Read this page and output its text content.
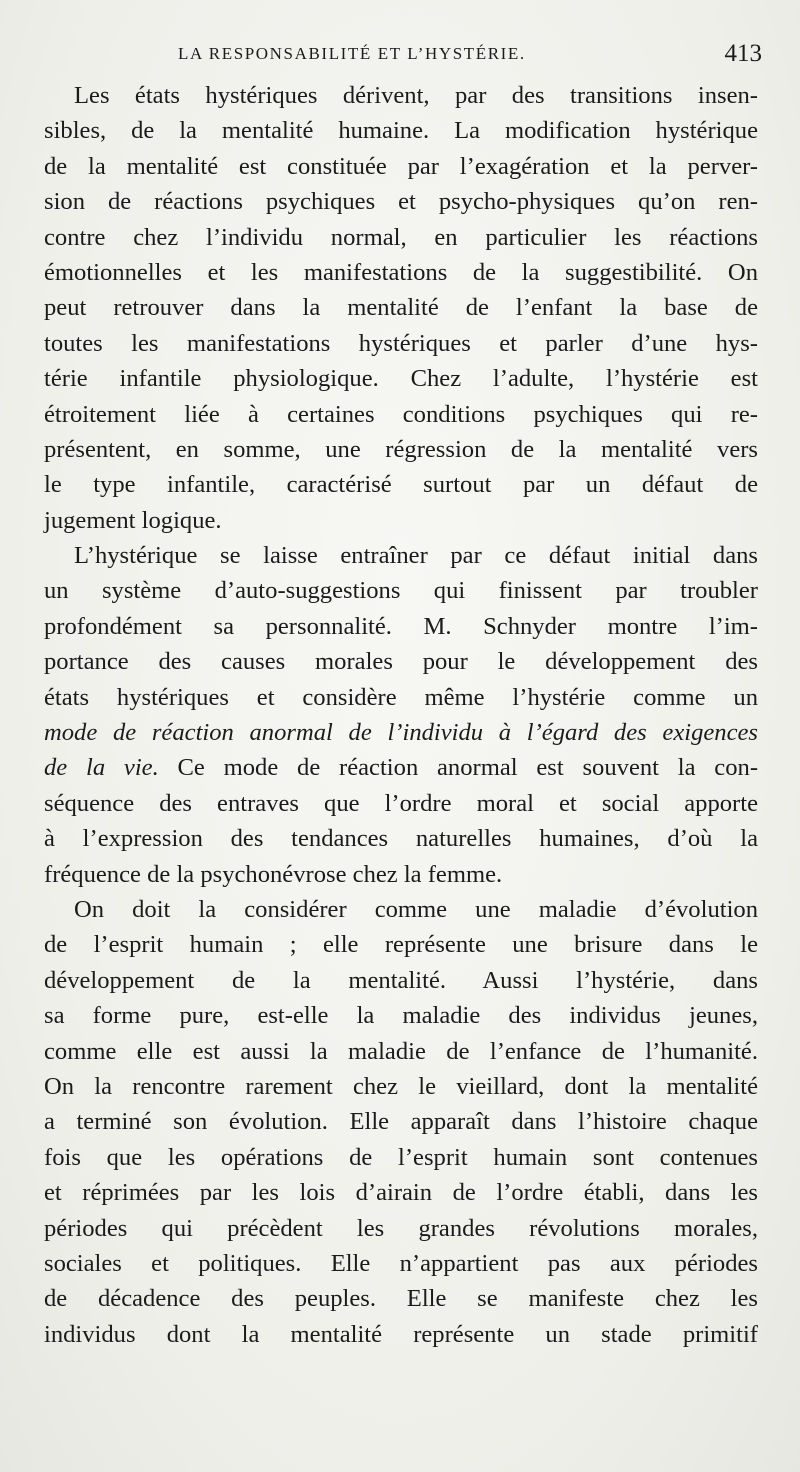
LA RESPONSABILITÉ ET L’HYSTÉRIE.	413
Les états hystériques dérivent, par des transitions insen-
sibles, de la mentalité humaine. La modification hystérique
de la mentalité est constituée par l’exagération et la perver-
sion de réactions psychiques et psycho-physiques qu’on ren-
contre chez l’individu normal, en particulier les réactions
émotionnelles et les manifestations de la suggestibilité. On
peut retrouver dans la mentalité de l’enfant la base de
toutes les manifestations hystériques et parler d’une hys-
térie infantile physiologique. Chez l’adulte, l’hystérie est
étroitement liée à certaines conditions psychiques qui re-
présentent, en somme, une régression de la mentalité vers
le type infantile, caractérisé surtout par un défaut de
jugement logique.
L’hystérique se laisse entraîner par ce défaut initial dans
un système d’auto-suggestions qui finissent par troubler
profondément sa personnalité. M. Schnyder montre l’im-
portance des causes morales pour le développement des
états hystériques et considère même l’hystérie comme un
mode de réaction anormal de l’individu à l’égard des exigences
de la vie. Ce mode de réaction anormal est souvent la con-
séquence des entraves que l’ordre moral et social apporte
à l’expression des tendances naturelles humaines, d’où la
fréquence de la psychonévrose chez la femme.
On doit la considérer comme une maladie d’évolution
de l’esprit humain ; elle représente une brisure dans le
développement de la mentalité. Aussi l’hystérie, dans
sa forme pure, est-elle la maladie des individus jeunes,
comme elle est aussi la maladie de l’enfance de l’humanité.
On la rencontre rarement chez le vieillard, dont la mentalité
a terminé son évolution. Elle apparaît dans l’histoire chaque
fois que les opérations de l’esprit humain sont contenues
et réprimées par les lois d’airain de l’ordre établi, dans les
périodes qui précèdent les grandes révolutions morales,
sociales et politiques. Elle n’appartient pas aux périodes
de décadence des peuples. Elle se manifeste chez les
individus dont la mentalité représente un stade primitif
